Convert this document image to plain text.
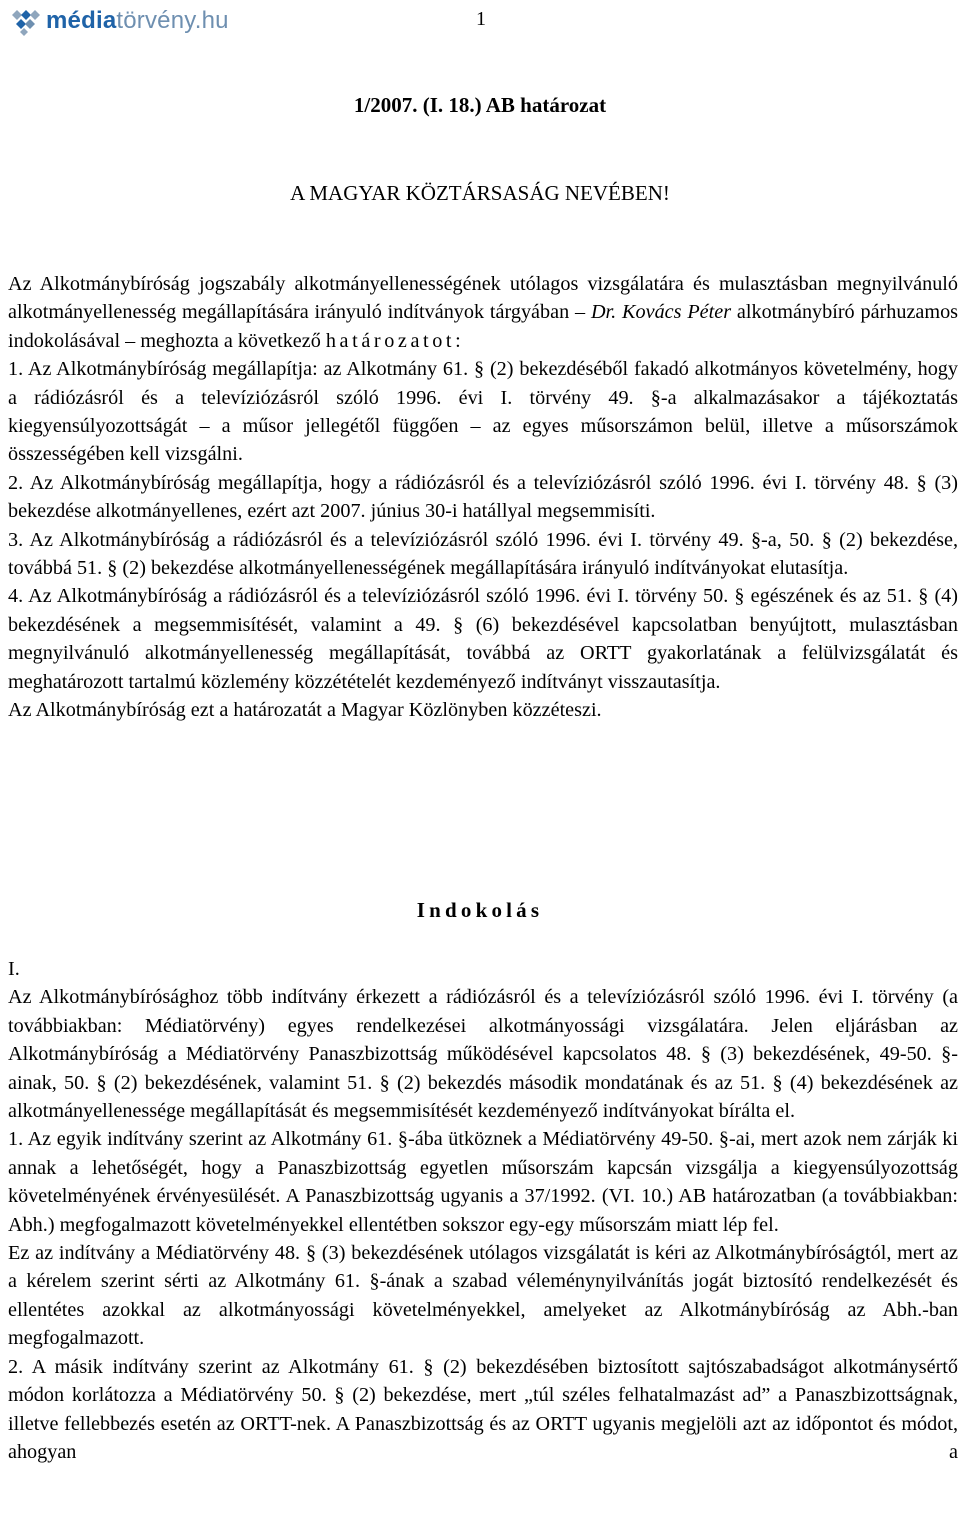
médiatörvény.hu	1
1/2007. (I. 18.) AB határozat
A MAGYAR KÖZTÁRSASÁG NEVÉBEN!

Az Alkotmánybíróság jogszabály alkotmányellenességének utólagos vizsgálatára és mulasztásban megnyilvánuló alkotmányellenesség megállapítására irányuló indítványok tárgyában – Dr. Kovács Péter alkotmánybíró párhuzamos indokolásával – meghozta a következő határozatot:

1. Az Alkotmánybíróság megállapítja: az Alkotmány 61. § (2) bekezdéséből fakadó alkotmányos követelmény, hogy a rádiózásról és a televíziózásról szóló 1996. évi I. törvény 49. §-a alkalmazásakor a tájékoztatás kiegyensúlyozottságát – a műsor jellegétől függően – az egyes műsorszámon belül, illetve a műsorszámok összességében kell vizsgálni.

2. Az Alkotmánybíróság megállapítja, hogy a rádiózásról és a televíziózásról szóló 1996. évi I. törvény 48. § (3) bekezdése alkotmányellenes, ezért azt 2007. június 30-i hatállyal megsemmisíti.

3. Az Alkotmánybíróság a rádiózásról és a televíziózásról szóló 1996. évi I. törvény 49. §-a, 50. § (2) bekezdése, továbbá 51. § (2) bekezdése alkotmányellenességének megállapítására irányuló indítványokat elutasítja.

4. Az Alkotmánybíróság a rádiózásról és a televíziózásról szóló 1996. évi I. törvény 50. § egészének és az 51. § (4) bekezdésének a megsemmisítését, valamint a 49. § (6) bekezdésével kapcsolatban benyújtott, mulasztásban megnyilvánuló alkotmányellenesség megállapítását, továbbá az ORTT gyakorlatának a felülvizsgálatát és meghatározott tartalmú közlemény közzétételét kezdeményező indítványt visszautasítja.

Az Alkotmánybíróság ezt a határozatát a Magyar Közlönyben közzéteszi.

Indokolás

I.

Az Alkotmánybírósághoz több indítvány érkezett a rádiózásról és a televíziózásról szóló 1996. évi I. törvény (a továbbiakban: Médiatörvény) egyes rendelkezései alkotmányossági vizsgálatára. Jelen eljárásban az Alkotmánybíróság a Médiatörvény Panaszbizottság működésével kapcsolatos 48. § (3) bekezdésének, 49-50. §-ainak, 50. § (2) bekezdésének, valamint 51. § (2) bekezdés második mondatának és az 51. § (4) bekezdésének az alkotmányellenessége megállapítását és megsemmisítését kezdeményező indítványokat bírálta el.

1. Az egyik indítvány szerint az Alkotmány 61. §-ába ütköznek a Médiatörvény 49-50. §-ai, mert azok nem zárják ki annak a lehetőségét, hogy a Panaszbizottság egyetlen műsorszám kapcsán vizsgálja a kiegyensúlyozottság követelményének érvényesülését. A Panaszbizottság ugyanis a 37/1992. (VI. 10.) AB határozatban (a továbbiakban: Abh.) megfogalmazott követelményekkel ellentétben sokszor egy-egy műsorszám miatt lép fel.

Ez az indítvány a Médiatörvény 48. § (3) bekezdésének utólagos vizsgálatát is kéri az Alkotmánybíróságtól, mert az a kérelem szerint sérti az Alkotmány 61. §-ának a szabad véleménynyilvánítás jogát biztosító rendelkezését és ellentétes azokkal az alkotmányossági követelményekkel, amelyeket az Alkotmánybíróság az Abh.-ban megfogalmazott.

2. A másik indítvány szerint az Alkotmány 61. § (2) bekezdésében biztosított sajtószabadságot alkotmánysértő módon korlátozza a Médiatörvény 50. § (2) bekezdése, mert „túl széles felhatalmazást ad” a Panaszbizottságnak, illetve fellebbezés esetén az ORTT-nek. A Panaszbizottság és az ORTT ugyanis megjelöli azt az időpontot és módot, ahogyan a
